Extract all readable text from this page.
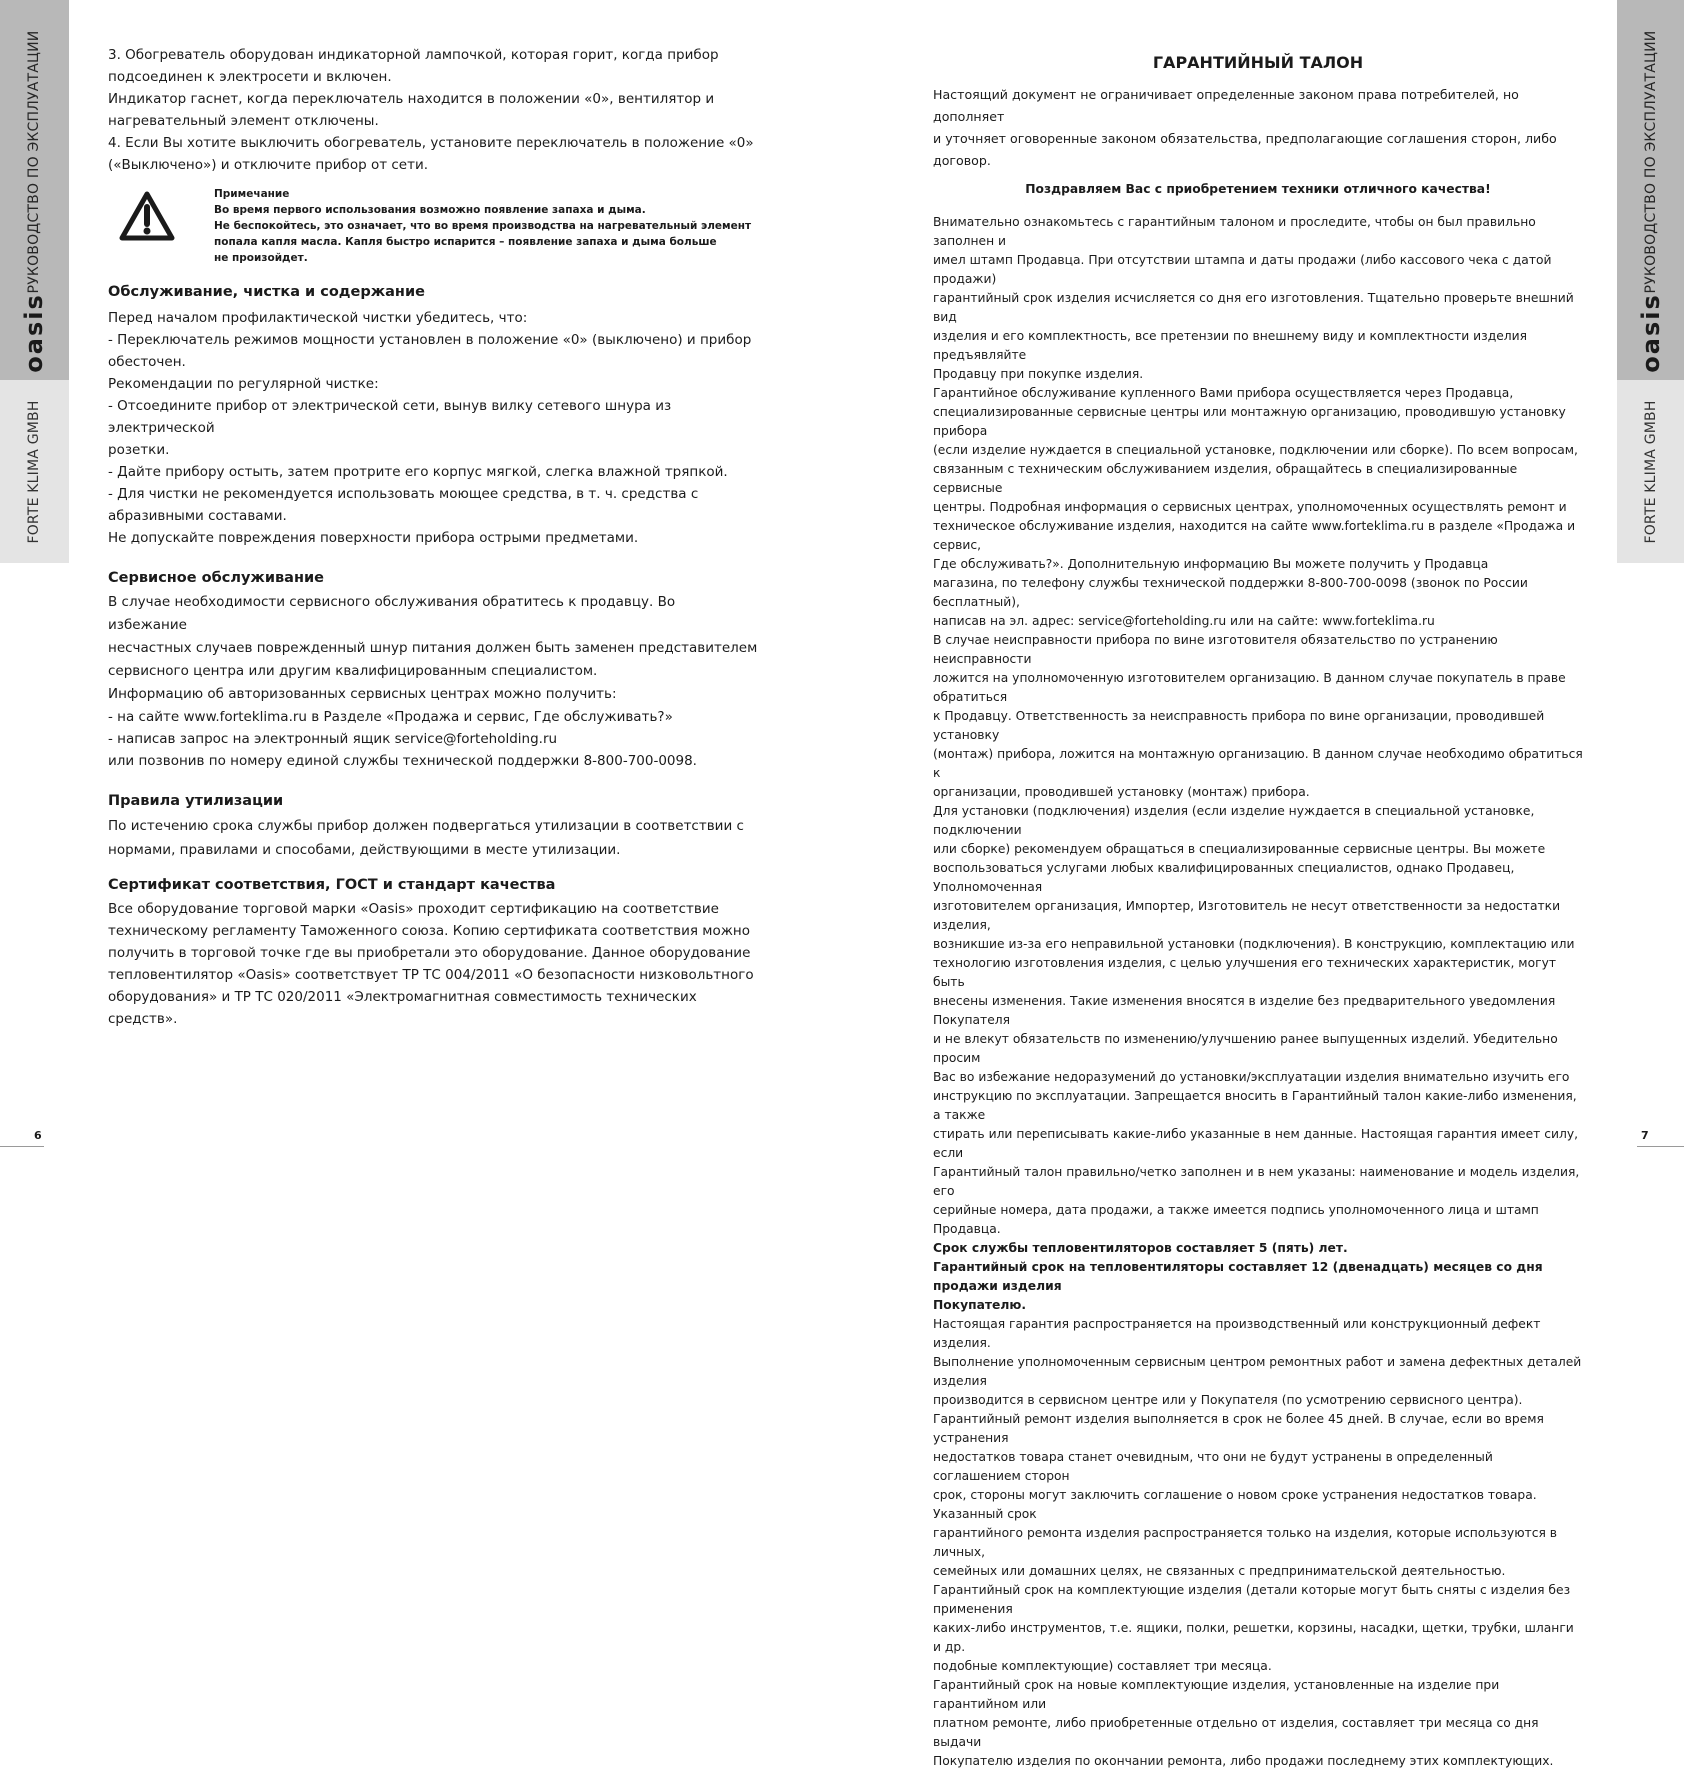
РУКОВОДСТВО ПО ЭКСПЛУАТАЦИИ
oasis
FORTE KLIMA GMBH
РУКОВОДСТВО ПО ЭКСПЛУАТАЦИИ
oasis
FORTE KLIMA GMBH
6	7

3. Обогреватель оборудован индикаторной лампочкой, которая горит, когда прибор

подсоединен к электросети и включен.

Индикатор гаснет, когда переключатель находится в положении «0», вентилятор и

нагревательный элемент отключены.

4. Если Вы хотите выключить обогреватель, установите переключатель в положение «0»

(«Выключено») и отключите прибор от сети.

Примечание
Во время первого использования возможно появление запаха и дыма.
Не беспокойтесь, это означает, что во время производства на нагревательный элемент
попала капля масла. Капля быстро испарится – появление запаха и дыма больше
не произойдет.

Обслуживание, чистка и содержание

Перед началом профилактической чистки убедитесь, что:

- Переключатель режимов мощности установлен в положение «0» (выключено) и прибор

обесточен.

Рекомендации по регулярной чистке:

- Отсоедините прибор от электрической сети, вынув вилку сетевого шнура из электрической

розетки.

- Дайте прибору остыть, затем протрите его корпус мягкой, слегка влажной тряпкой.

- Для чистки не рекомендуется использовать моющее средства, в т. ч. средства с

абразивными составами.

Не допускайте повреждения поверхности прибора острыми предметами.

Сервисное обслуживание

В случае необходимости сервисного обслуживания обратитесь к продавцу. Во избежание

несчастных случаев поврежденный шнур питания должен быть заменен представителем

сервисного центра или другим квалифицированным специалистом.

Информацию об авторизованных сервисных центрах можно получить:

- на сайте www.forteklima.ru в Разделе «Продажа и сервис, Где обслуживать?»

- написав запрос на электронный ящик service@forteholding.ru

или позвонив по номеру единой службы технической поддержки 8-800-700-0098.

Правила утилизации

По истечению срока службы прибор должен подвергаться утилизации в соответствии с

нормами, правилами и способами, действующими в месте утилизации.

Сертификат соответствия, ГОСТ и стандарт качества

Все оборудование торговой марки «Oasis» проходит сертификацию на соответствие

техническому регламенту Таможенного союза. Копию сертификата соответствия можно

получить в торговой точке где вы приобретали это оборудование. Данное оборудование

тепловентилятор «Oasis» соответствует ТР ТС 004/2011 «О безопасности низковольтного

оборудования» и ТР ТС 020/2011 «Электромагнитная совместимость технических средств».

ГАРАНТИЙНЫЙ ТАЛОН

Настоящий документ не ограничивает определенные законом права потребителей, но дополняет

и уточняет оговоренные законом обязательства, предполагающие соглашения сторон, либо

договор.

Поздравляем Вас с приобретением техники отличного качества!

Внимательно ознакомьтесь с гарантийным талоном и проследите, чтобы он был правильно заполнен и

имел штамп Продавца. При отсутствии штампа и даты продажи (либо кассового чека с датой продажи)

гарантийный срок изделия исчисляется со дня его изготовления. Тщательно проверьте внешний вид

изделия и его комплектность, все претензии по внешнему виду и комплектности изделия предъявляйте

Продавцу при покупке изделия.

Гарантийное обслуживание купленного Вами прибора осуществляется через Продавца,

специализированные сервисные центры или монтажную организацию, проводившую установку прибора

(если изделие нуждается в специальной установке, подключении или сборке). По всем вопросам,

связанным с техническим обслуживанием изделия, обращайтесь в специализированные сервисные

центры. Подробная информация о сервисных центрах, уполномоченных осуществлять ремонт и

техническое обслуживание изделия, находится на сайте www.forteklima.ru в разделе «Продажа и сервис,

Где обслуживать?». Дополнительную информацию Вы можете получить у Продавца

магазина, по телефону службы технической поддержки 8-800-700-0098 (звонок по России бесплатный),

написав на эл. адрес: service@forteholding.ru или на сайте: www.forteklima.ru

В случае неисправности прибора по вине изготовителя обязательство по устранению неисправности

ложится на уполномоченную изготовителем организацию. В данном случае покупатель в праве обратиться

к Продавцу. Ответственность за неисправность прибора по вине организации, проводившей установку

(монтаж) прибора, ложится на монтажную организацию. В данном случае необходимо обратиться к

организации, проводившей установку (монтаж) прибора.

Для установки (подключения) изделия (если изделие нуждается в специальной установке, подключении

или сборке) рекомендуем обращаться в специализированные сервисные центры. Вы можете

воспользоваться услугами любых квалифицированных специалистов, однако Продавец, Уполномоченная

изготовителем организация, Импортер, Изготовитель не несут ответственности за недостатки изделия,

возникшие из-за его неправильной установки (подключения). В конструкцию, комплектацию или

технологию изготовления изделия, с целью улучшения его технических характеристик, могут быть

внесены изменения. Такие изменения вносятся в изделие без предварительного уведомления Покупателя

и не влекут обязательств по изменению/улучшению ранее выпущенных изделий. Убедительно просим

Вас во избежание недоразумений до установки/эксплуатации изделия внимательно изучить его

инструкцию по эксплуатации. Запрещается вносить в Гарантийный талон какие-либо изменения, а также

стирать или переписывать какие-либо указанные в нем данные. Настоящая гарантия имеет силу, если

Гарантийный талон правильно/четко заполнен и в нем указаны: наименование и модель изделия, его

серийные номера, дата продажи, а также имеется подпись уполномоченного лица и штамп Продавца.

Срок службы тепловентиляторов составляет 5 (пять) лет.

Гарантийный срок на тепловентиляторы составляет 12 (двенадцать) месяцев со дня продажи изделия

Покупателю.

Настоящая гарантия распространяется на производственный или конструкционный дефект изделия.

Выполнение уполномоченным сервисным центром ремонтных работ и замена дефектных деталей изделия

производится в сервисном центре или у Покупателя (по усмотрению сервисного центра).

Гарантийный ремонт изделия выполняется в срок не более 45 дней. В случае, если во время устранения

недостатков товара станет очевидным, что они не будут устранены в определенный соглашением сторон

срок, стороны могут заключить соглашение о новом сроке устранения недостатков товара. Указанный срок

гарантийного ремонта изделия распространяется только на изделия, которые используются в личных,

семейных или домашних целях, не связанных с предпринимательской деятельностью.

Гарантийный срок на комплектующие изделия (детали которые могут быть сняты с изделия без применения

каких-либо инструментов, т.е. ящики, полки, решетки, корзины, насадки, щетки, трубки, шланги и др.

подобные комплектующие) составляет три месяца.

Гарантийный срок на новые комплектующие изделия, установленные на изделие при гарантийном или

платном ремонте, либо приобретенные отдельно от изделия, составляет три месяца со дня выдачи

Покупателю изделия по окончании ремонта, либо продажи последнему этих комплектующих.
